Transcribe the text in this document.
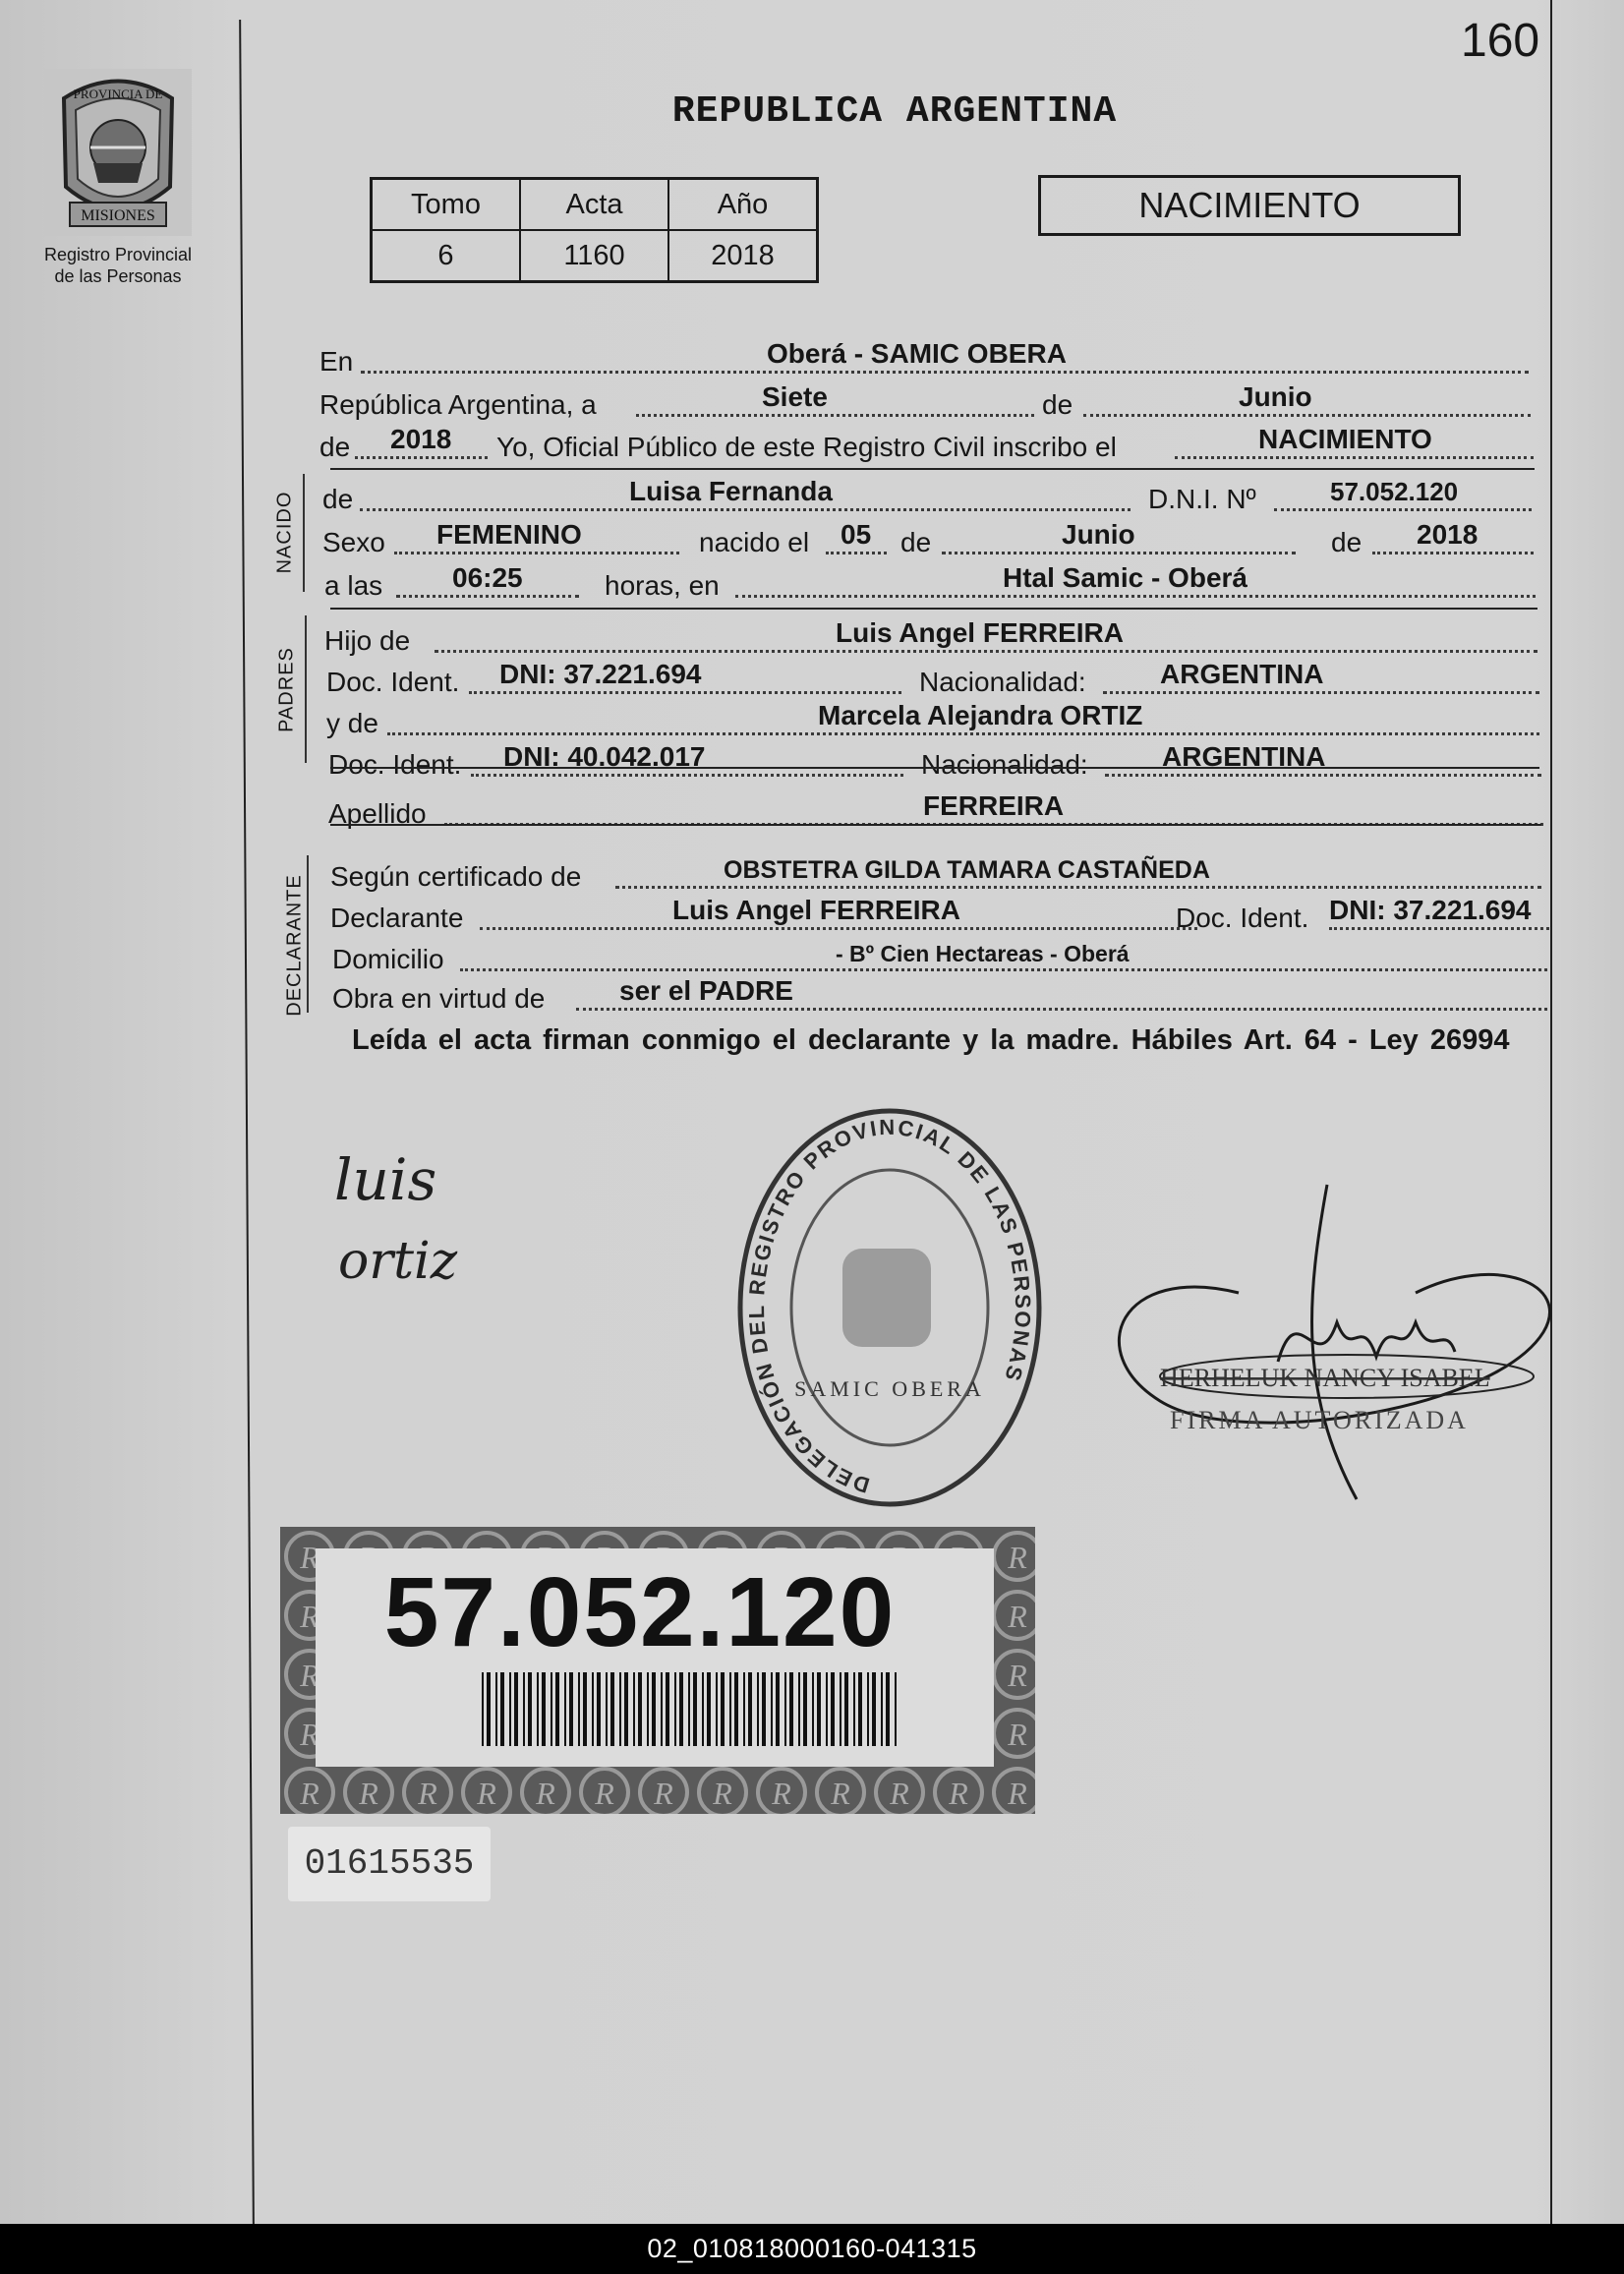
160
PROVINCIA DE
MISIONES
Registro Provincial
de las Personas
REPUBLICA ARGENTINA
Tomo	Acta	Año
6	1160	2018
NACIMIENTO
En	Oberá - SAMIC OBERA
República Argentina, a	Siete	de	Junio
de 2018 Yo, Oficial Público de este Registro Civil inscribo el	NACIMIENTO
NACIDO de	Luisa Fernanda	D.N.I. Nº	57.052.120
Sexo FEMENINO	nacido el 05 de	Junio	de 2018
a las	06:25	horas, en	Htal Samic - Oberá
PADRES
Hijo de	Luis Angel FERREIRA
Doc. Ident. DNI: 37.221.694	Nacionalidad:	ARGENTINA
y de	Marcela Alejandra ORTIZ
Doc. Ident. DNI: 40.042.017	Nacionalidad:	ARGENTINA
Apellido	FERREIRA
DECLARANTE Según certificado de	OBSTETRA GILDA TAMARA CASTAÑEDA
Declarante	Luis Angel FERREIRA	Doc. Ident. DNI: 37.221.694
Domicilio	- Bº Cien Hectareas - Oberá
Obra en virtud de	ser el PADRE
Leída el acta firman conmigo el declarante y la madre. Hábiles Art. 64 - Ley 26994
luis
ortiz
DELEGACIÓN DEL REGISTRO PROVINCIAL DE LAS PERSONAS
SAMIC OBERA	HERHELUK NANCY ISABEL
FIRMA AUTORIZADA
57.052.120
01615535
02_010818000160-041315
